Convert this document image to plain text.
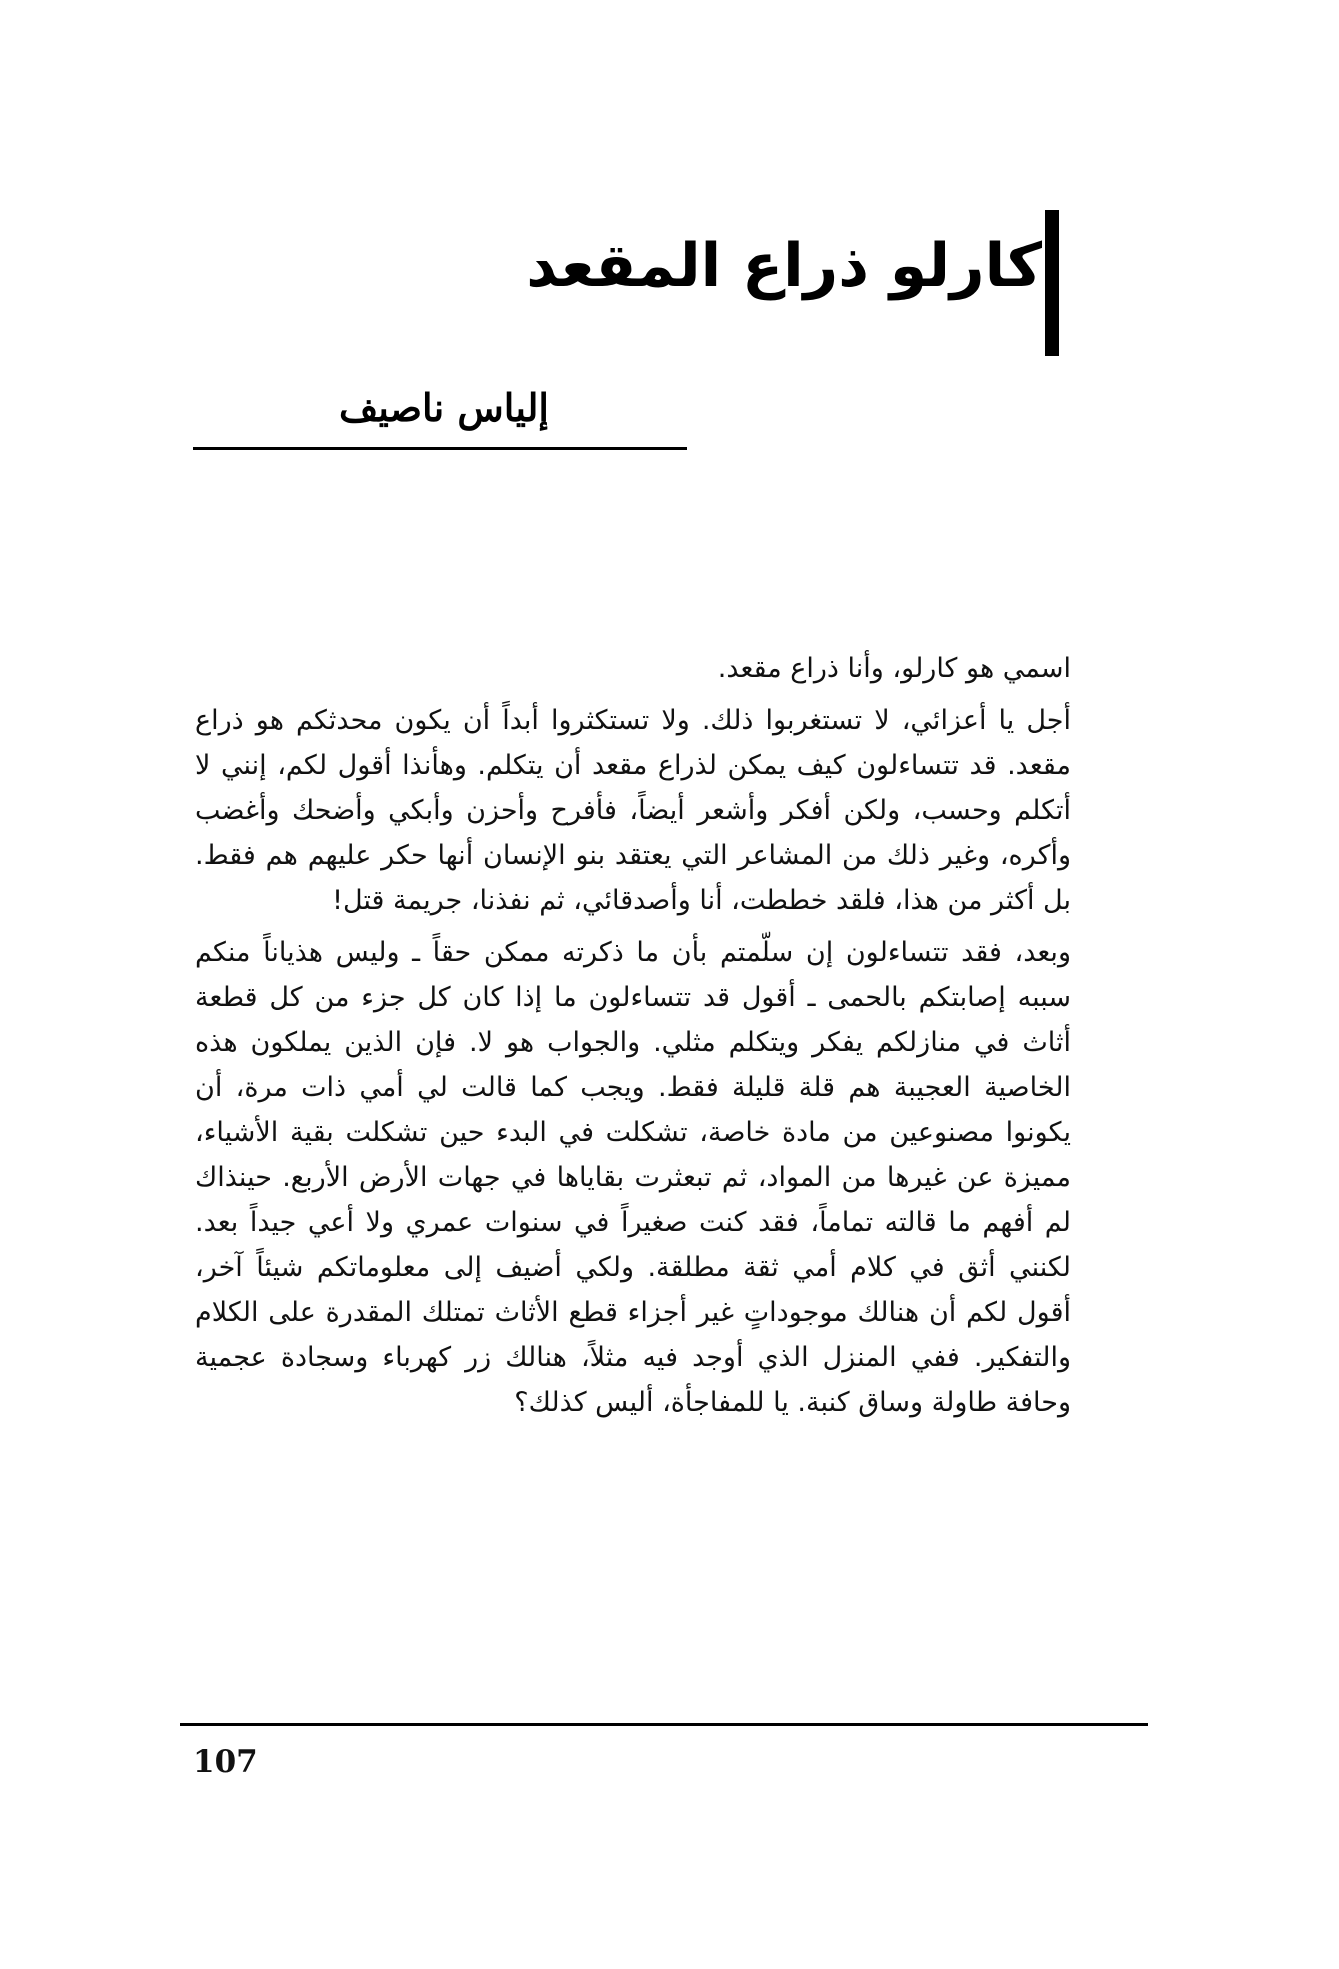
كارلو ذراع المقعد
إلياس ناصيف

اسمي هو كارلو، وأنا ذراع مقعد.

أجل يا أعزائي، لا تستغربوا ذلك. ولا تستكثروا أبداً أن يكون محدثكم هو ذراع مقعد. قد تتساءلون كيف يمكن لذراع مقعد أن يتكلم. وهأنذا أقول لكم، إنني لا أتكلم وحسب، ولكن أفكر وأشعر أيضاً، فأفرح وأحزن وأبكي وأضحك وأغضب وأكره، وغير ذلك من المشاعر التي يعتقد بنو الإنسان أنها حكر عليهم هم فقط. بل أكثر من هذا، فلقد خططت، أنا وأصدقائي، ثم نفذنا، جريمة قتل!

وبعد، فقد تتساءلون إن سلّمتم بأن ما ذكرته ممكن حقاً ـ وليس هذياناً منكم سببه إصابتكم بالحمى ـ أقول قد تتساءلون ما إذا كان كل جزء من كل قطعة أثاث في منازلكم يفكر ويتكلم مثلي. والجواب هو لا. فإن الذين يملكون هذه الخاصية العجيبة هم قلة قليلة فقط. ويجب كما قالت لي أمي ذات مرة، أن يكونوا مصنوعين من مادة خاصة، تشكلت في البدء حين تشكلت بقية الأشياء، مميزة عن غيرها من المواد، ثم تبعثرت بقاياها في جهات الأرض الأربع. حينذاك لم أفهم ما قالته تماماً، فقد كنت صغيراً في سنوات عمري ولا أعي جيداً بعد. لكنني أثق في كلام أمي ثقة مطلقة. ولكي أضيف إلى معلوماتكم شيئاً آخر، أقول لكم أن هنالك موجوداتٍ غير أجزاء قطع الأثاث تمتلك المقدرة على الكلام والتفكير. ففي المنزل الذي أوجد فيه مثلاً، هنالك زر كهرباء وسجادة عجمية وحافة طاولة وساق كنبة. يا للمفاجأة، أليس كذلك؟

107
